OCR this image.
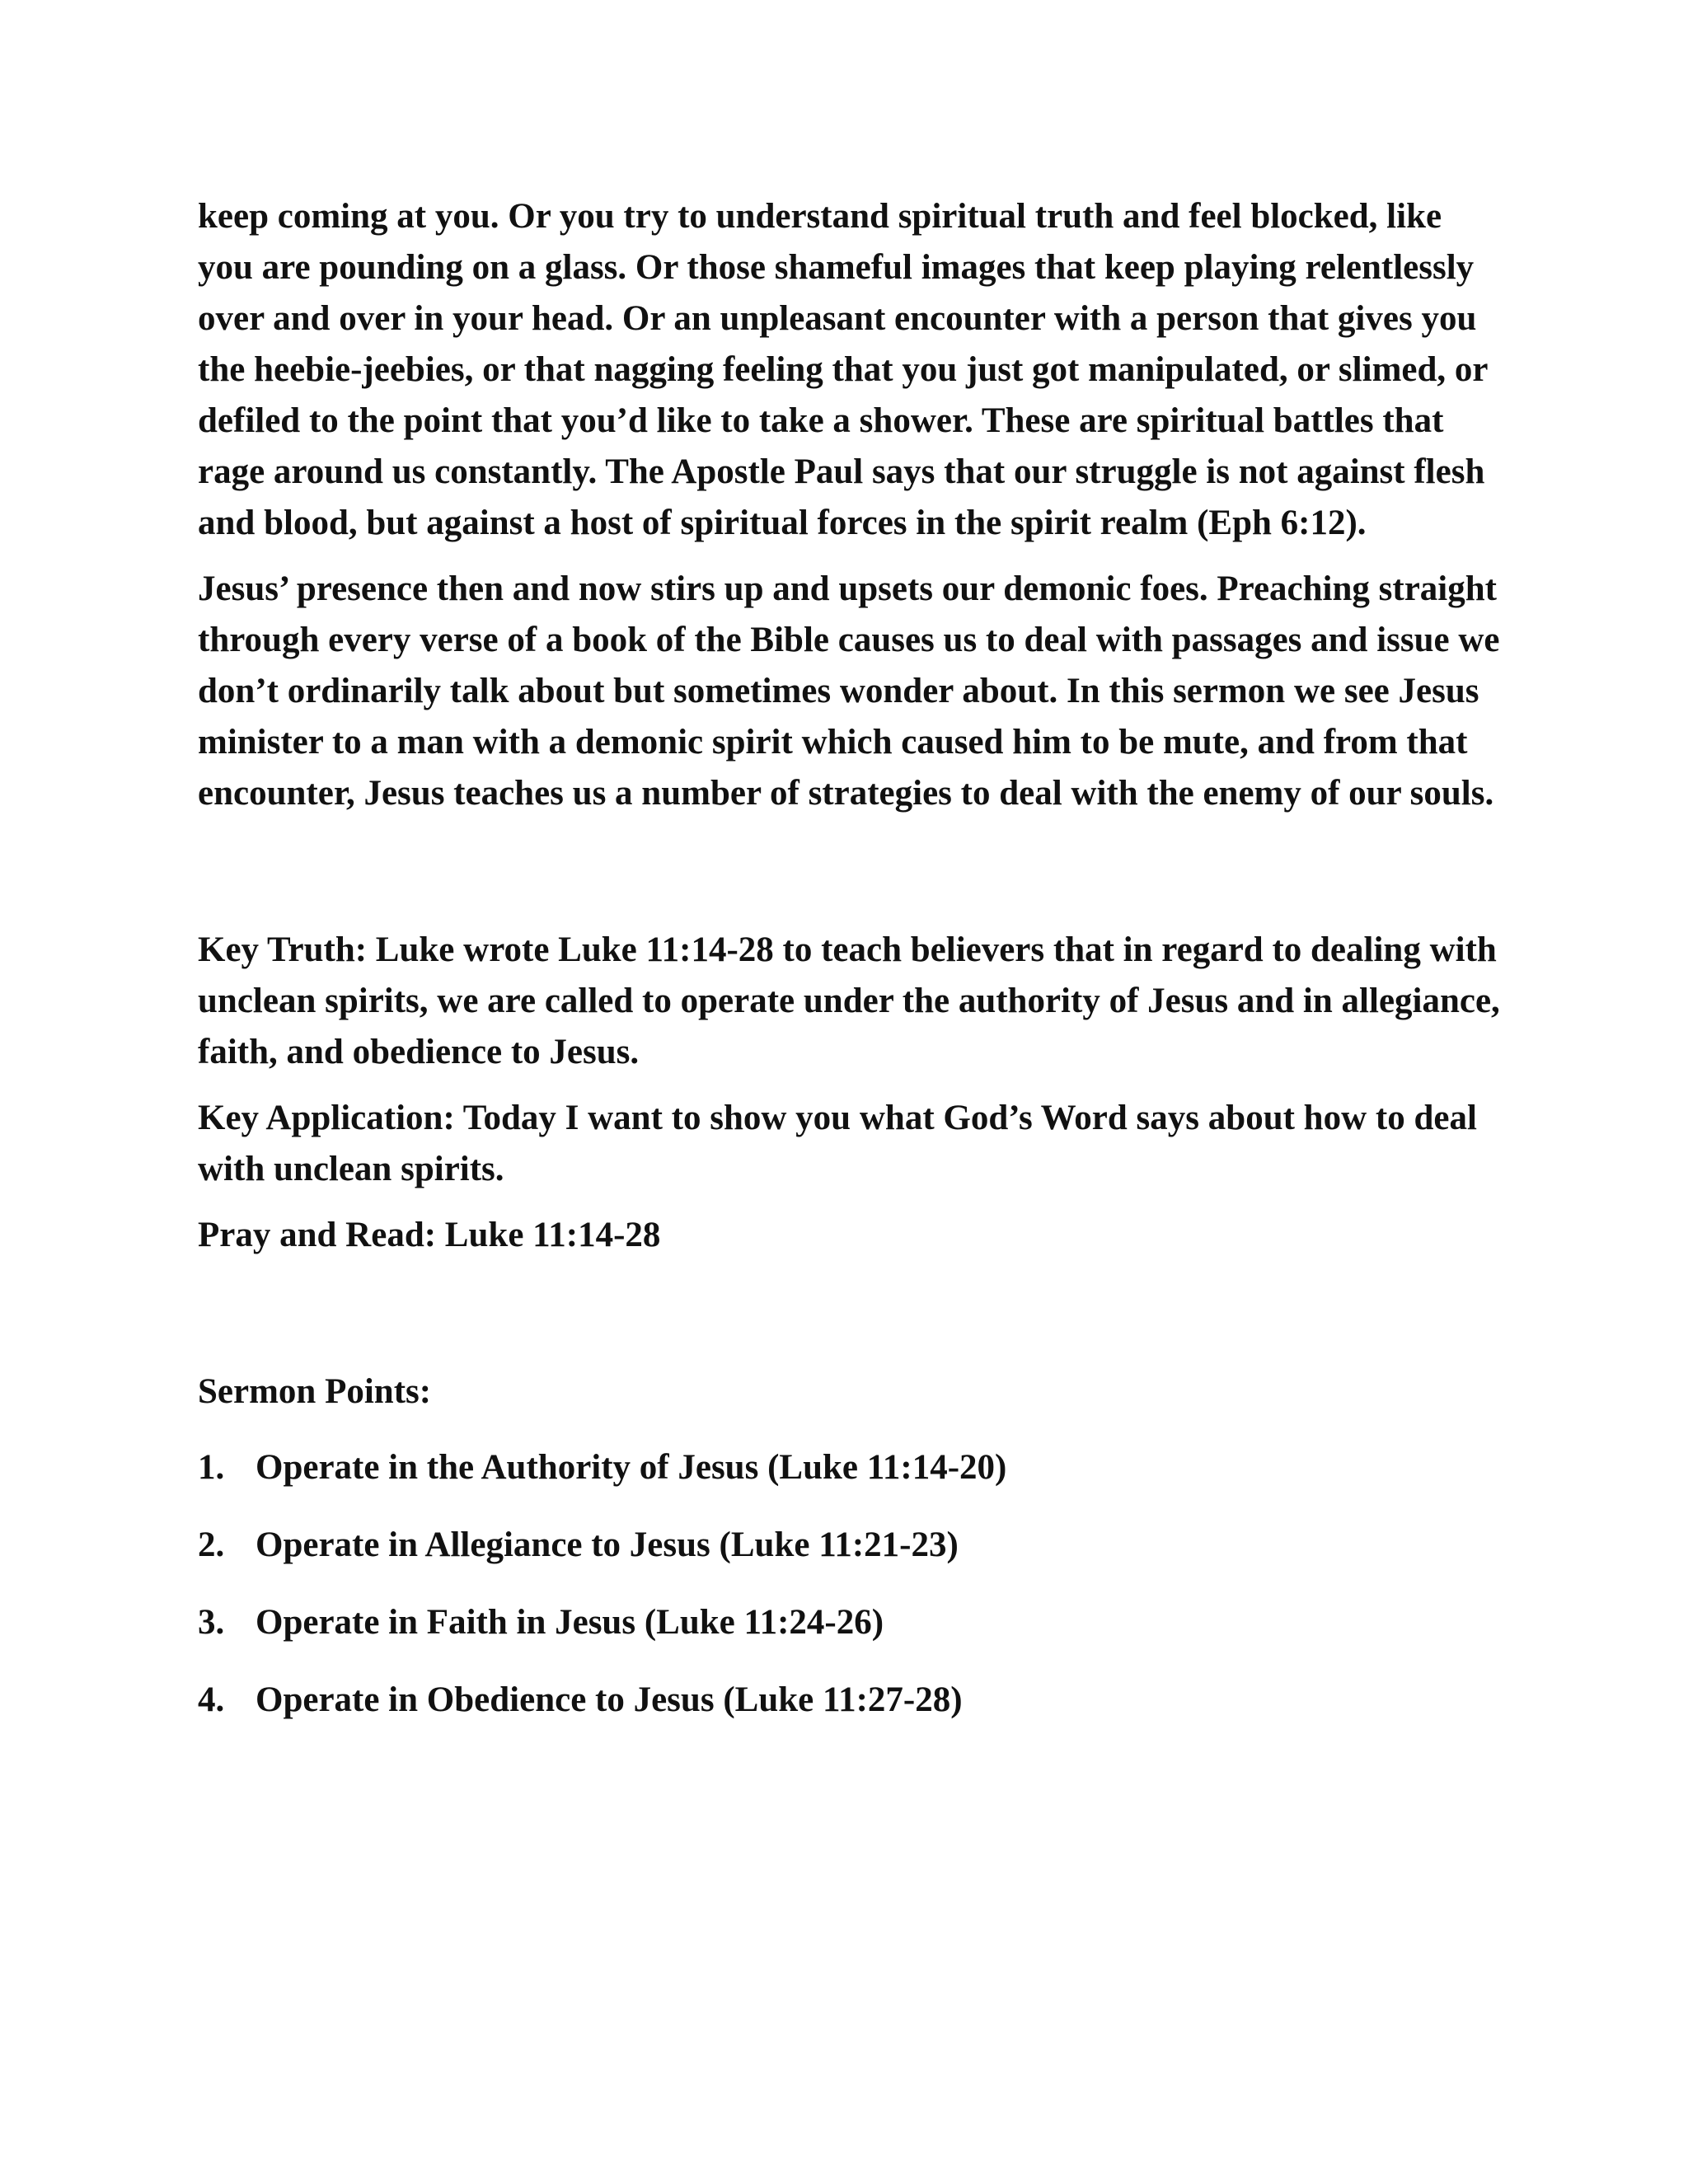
keep coming at you. Or you try to understand spiritual truth and feel blocked, like you are pounding on a glass. Or those shameful images that keep playing relentlessly over and over in your head. Or an unpleasant encounter with a person that gives you the heebie-jeebies, or that nagging feeling that you just got manipulated, or slimed, or defiled to the point that you’d like to take a shower. These are spiritual battles that rage around us constantly. The Apostle Paul says that our struggle is not against flesh and blood, but against a host of spiritual forces in the spirit realm (Eph 6:12).

Jesus’ presence then and now stirs up and upsets our demonic foes. Preaching straight through every verse of a book of the Bible causes us to deal with passages and issue we don’t ordinarily talk about but sometimes wonder about. In this sermon we see Jesus minister to a man with a demonic spirit which caused him to be mute, and from that encounter, Jesus teaches us a number of strategies to deal with the enemy of our souls.

Key Truth: Luke wrote Luke 11:14-28 to teach believers that in regard to dealing with unclean spirits, we are called to operate under the authority of Jesus and in allegiance, faith, and obedience to Jesus.

Key Application: Today I want to show you what God’s Word says about how to deal with unclean spirits.

Pray and Read: Luke 11:14-28

Sermon Points:

1. Operate in the Authority of Jesus (Luke 11:14-20)
2. Operate in Allegiance to Jesus (Luke 11:21-23)
3. Operate in Faith in Jesus (Luke 11:24-26)
4. Operate in Obedience to Jesus (Luke 11:27-28)
